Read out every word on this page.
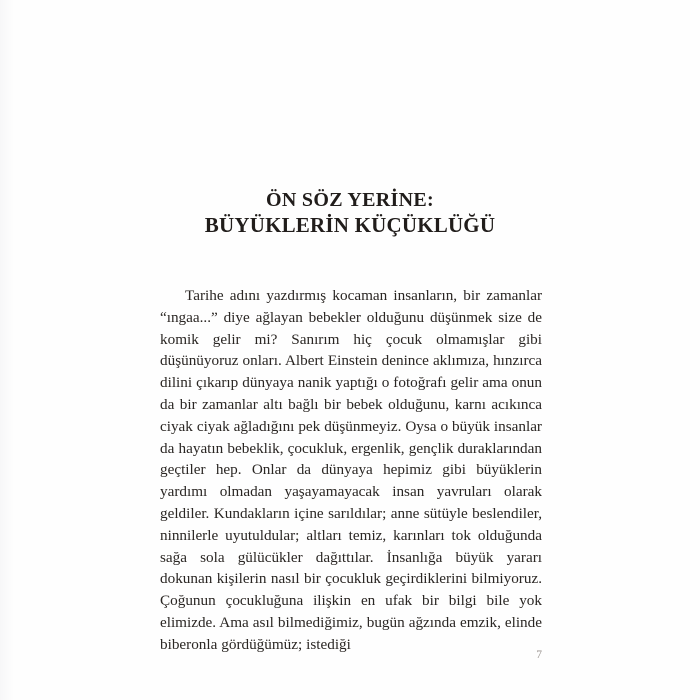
ÖN SÖZ YERİNE:
BÜYÜKLERİN KÜÇÜKLÜĞÜ

Tarihe adını yazdırmış kocaman insanların, bir zamanlar “ıngaa...” diye ağlayan bebekler olduğunu düşünmek size de komik gelir mi? Sanırım hiç çocuk olmamışlar gibi düşünüyoruz onları. Albert Einstein denince aklımıza, hınzırca dilini çıkarıp dünyaya nanik yaptığı o fotoğrafı gelir ama onun da bir zamanlar altı bağlı bir bebek olduğunu, karnı acıkınca ciyak ciyak ağladığını pek düşünmeyiz. Oysa o büyük insanlar da hayatın bebeklik, çocukluk, ergenlik, gençlik duraklarından geçtiler hep. Onlar da dünyaya hepimiz gibi büyüklerin yardımı olmadan yaşayamayacak insan yavruları olarak geldiler. Kundakların içine sarıldılar; anne sütüyle beslendiler, ninnilerle uyutuldular; altları temiz, karınları tok olduğunda sağa sola gülücükler dağıttılar. İnsanlığa büyük yararı dokunan kişilerin nasıl bir çocukluk geçirdiklerini bilmiyoruz. Çoğunun çocukluğuna ilişkin en ufak bir bilgi bile yok elimizde. Ama asıl bilmediğimiz, bugün ağzında emzik, elinde biberonla gördüğümüz; istediği

7
